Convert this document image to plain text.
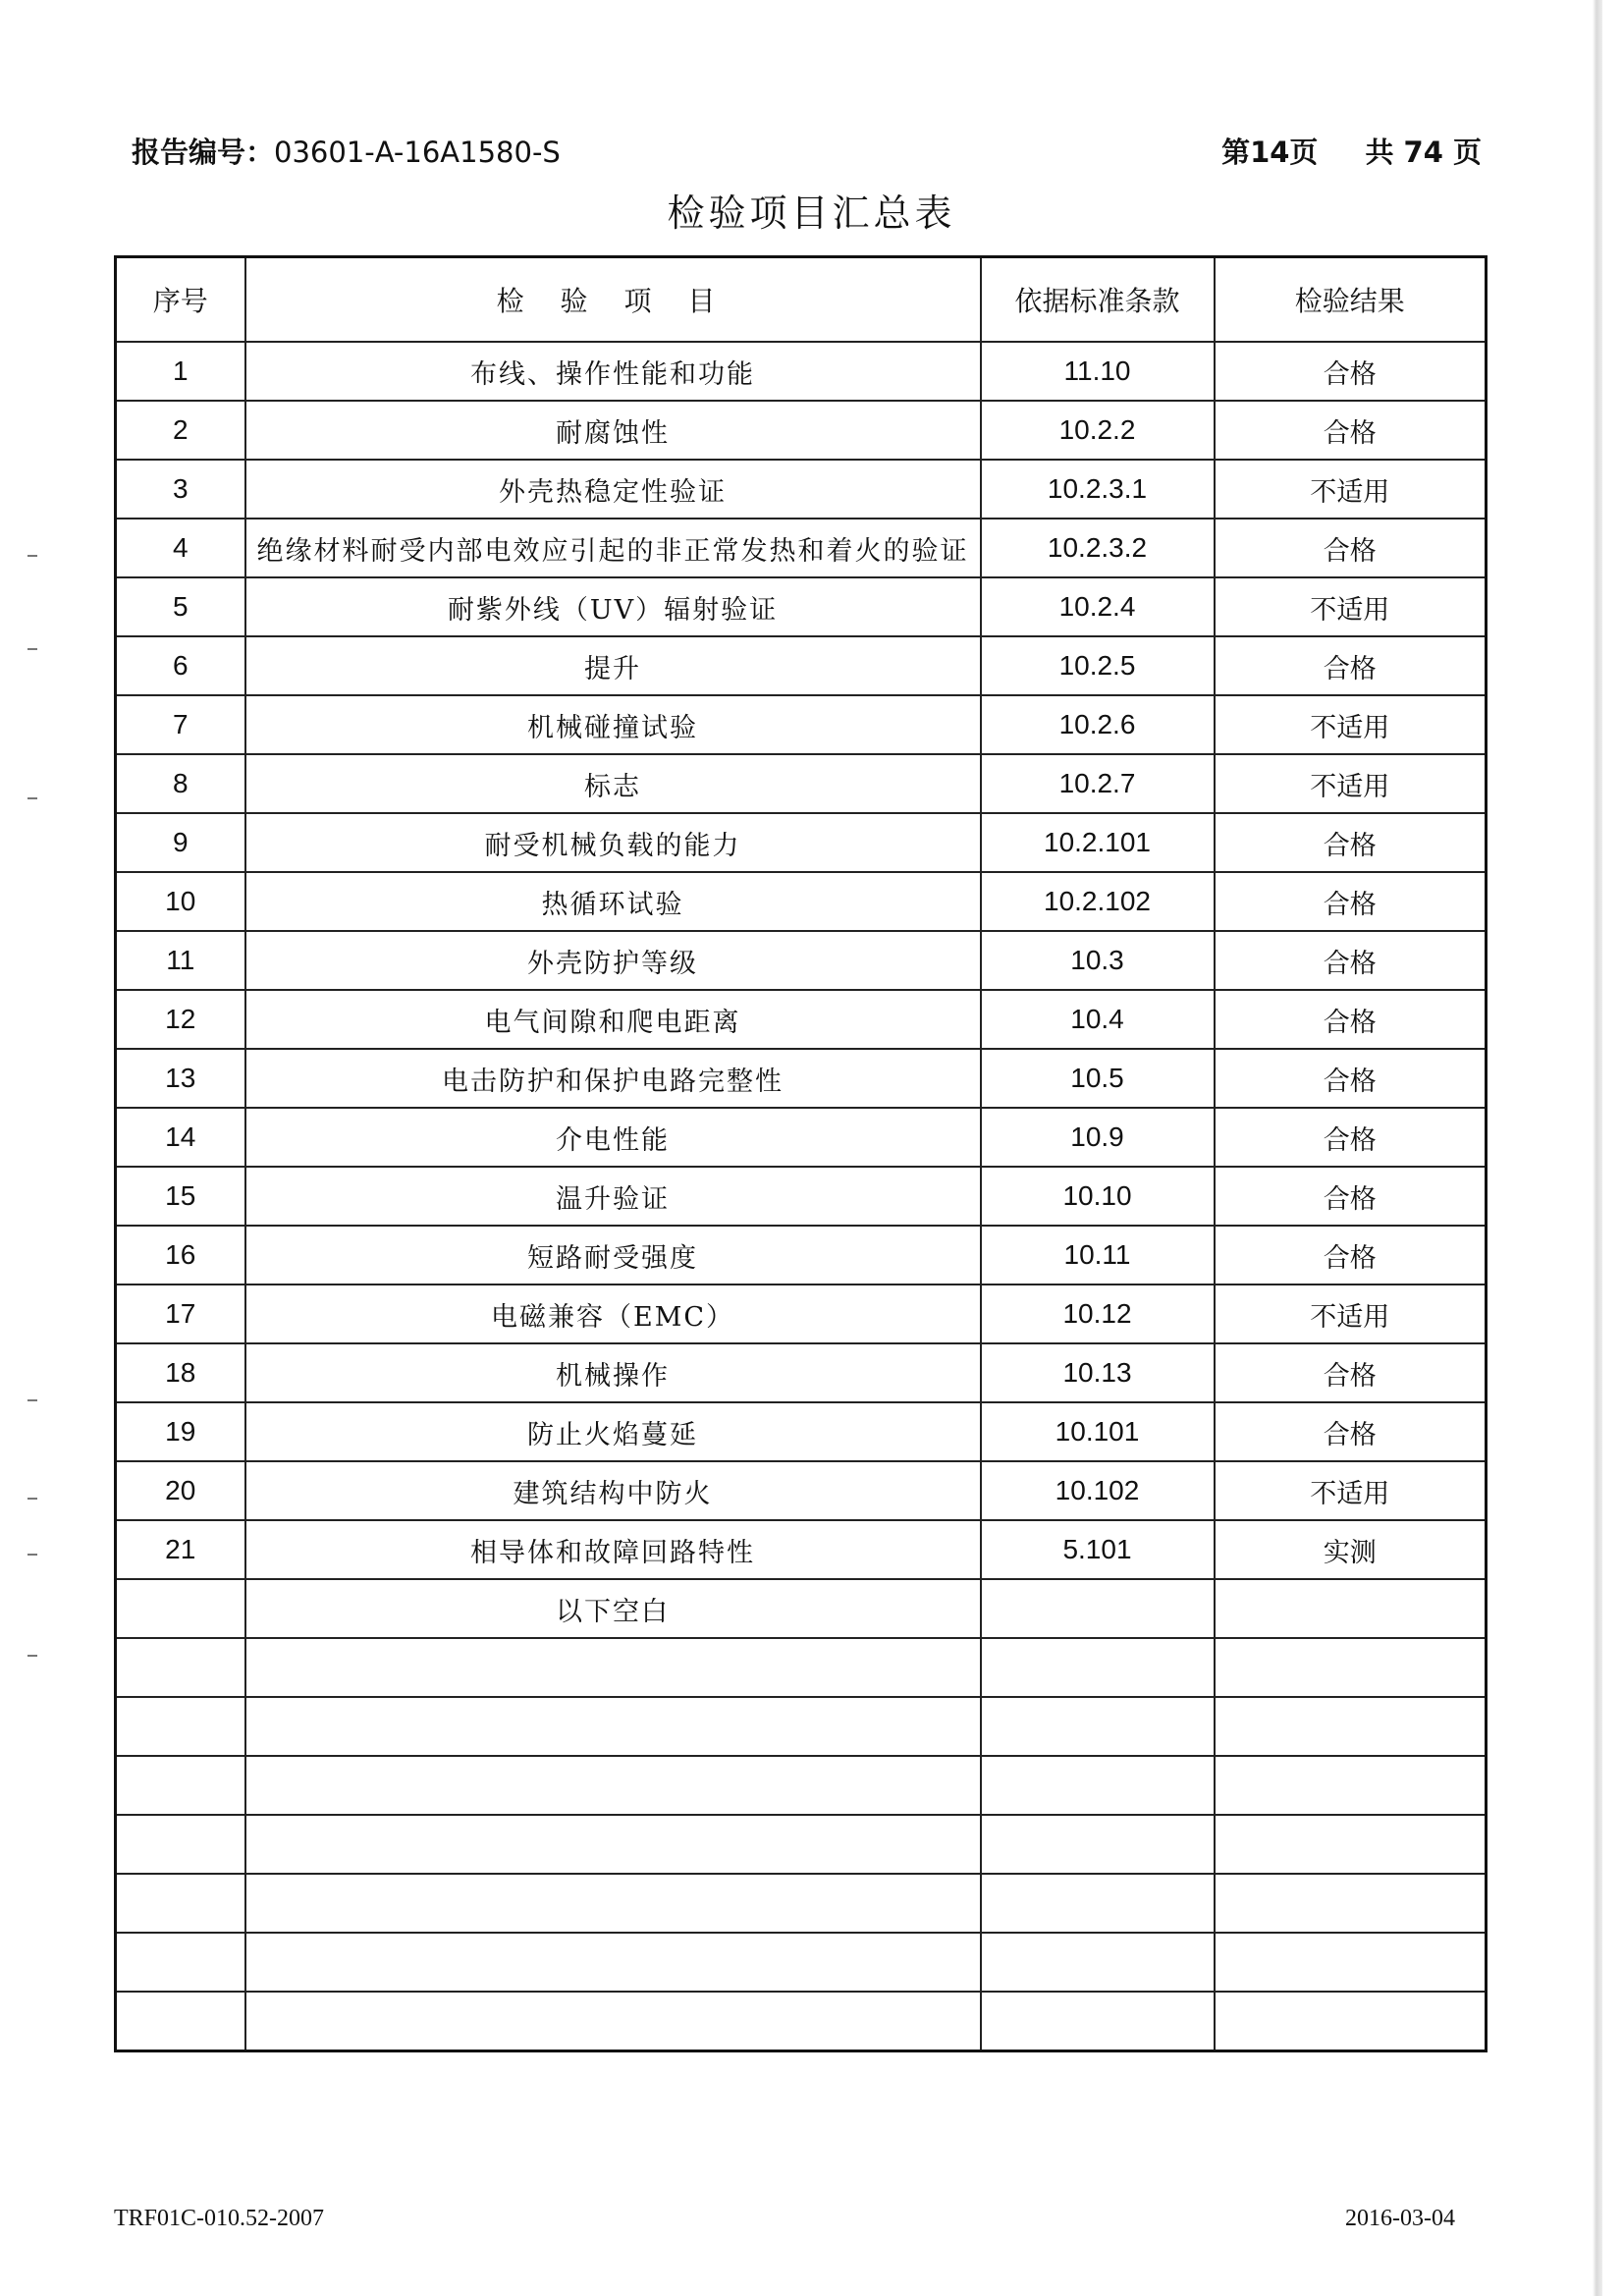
报告编号：03601-A-16A1580-S	第14页 共 74 页
检验项目汇总表
序号	检 验 项 目	依据标准条款	检验结果
1	布线、操作性能和功能	11.10	合格
2	耐腐蚀性	10.2.2	合格
3	外壳热稳定性验证	10.2.3.1	不适用
4	绝缘材料耐受内部电效应引起的非正常发热和着火的验证	10.2.3.2	合格
5	耐紫外线（UV）辐射验证	10.2.4	不适用
6	提升	10.2.5	合格
7	机械碰撞试验	10.2.6	不适用
8	标志	10.2.7	不适用
9	耐受机械负载的能力	10.2.101	合格
10	热循环试验	10.2.102	合格
11	外壳防护等级	10.3	合格
12	电气间隙和爬电距离	10.4	合格
13	电击防护和保护电路完整性	10.5	合格
14	介电性能	10.9	合格
15	温升验证	10.10	合格
16	短路耐受强度	10.11	合格
17	电磁兼容（EMC）	10.12	不适用
18	机械操作	10.13	合格
19	防止火焰蔓延	10.101	合格
20	建筑结构中防火	10.102	不适用
21	相导体和故障回路特性	5.101	实测
	以下空白		

TRF01C-010.52-2007	2016-03-04
